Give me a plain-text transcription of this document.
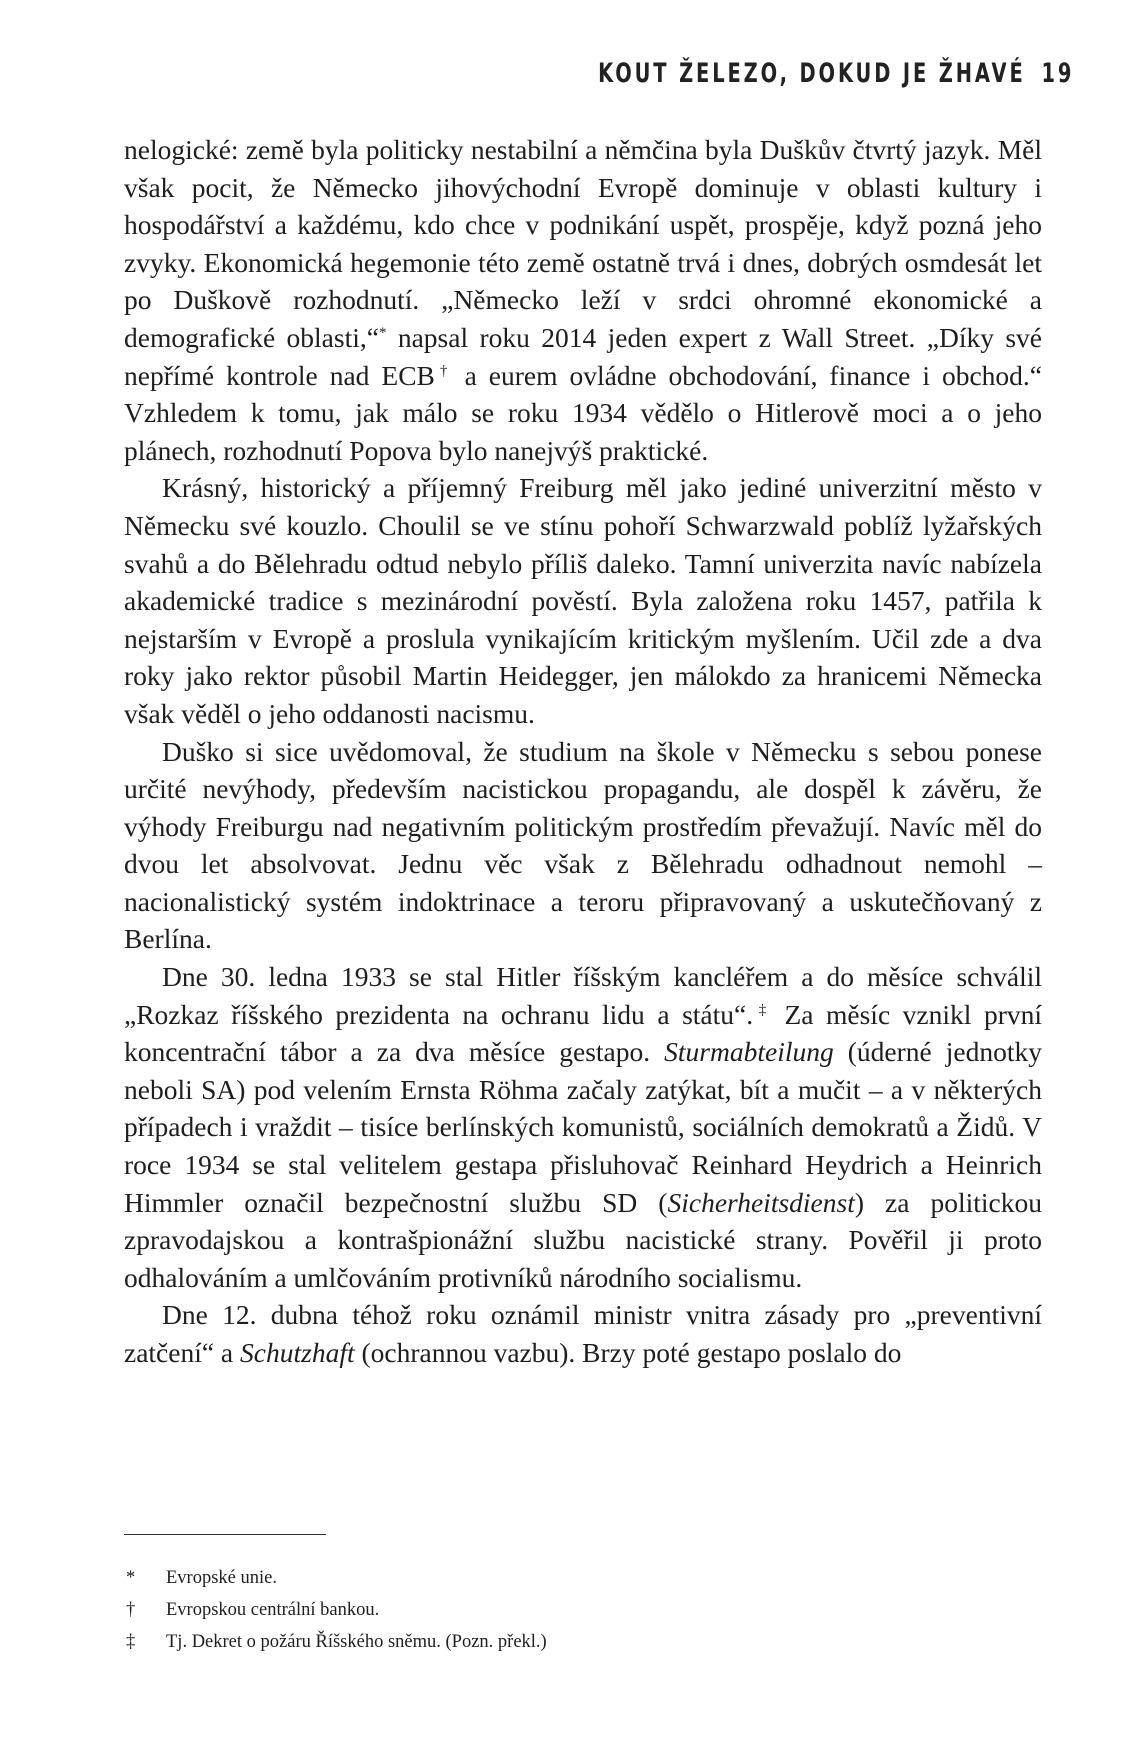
KOUT ŽELEZO, DOKUD JE ŽHAVÉ 19

nelogické: země byla politicky nestabilní a němčina byla Duškův čtvrtý jazyk. Měl však pocit, že Německo jihovýchodní Evropě dominuje v oblasti kultury i hospodářství a každému, kdo chce v podnikání uspět, prospěje, když pozná jeho zvyky. Ekonomická hegemonie této země ostatně trvá i dnes, dobrých osmdesát let po Duškově rozhodnutí. „Německo leží v srdci ohromné ekonomické a demografické oblasti,“* napsal roku 2014 jeden expert z Wall Street. „Díky své nepřímé kontrole nad ECB† a eurem ovládne obchodování, finance i obchod.“ Vzhledem k tomu, jak málo se roku 1934 vědělo o Hitlerově moci a o jeho plánech, rozhodnutí Popova bylo nanejvýš praktické.

Krásný, historický a příjemný Freiburg měl jako jediné univerzitní město v Německu své kouzlo. Choulil se ve stínu pohoří Schwarzwald poblíž lyžařských svahů a do Bělehradu odtud nebylo příliš daleko. Tamní univerzita navíc nabízela akademické tradice s mezinárodní pověstí. Byla založena roku 1457, patřila k nejstarším v Evropě a proslula vynikajícím kritickým myšlením. Učil zde a dva roky jako rektor působil Martin Heidegger, jen málokdo za hranicemi Německa však věděl o jeho oddanosti nacismu.

Duško si sice uvědomoval, že studium na škole v Německu s sebou ponese určité nevýhody, především nacistickou propagandu, ale dospěl k závěru, že výhody Freiburgu nad negativním politickým prostředím převažují. Navíc měl do dvou let absolvovat. Jednu věc však z Bělehradu odhadnout nemohl – nacionalistický systém indoktrinace a teroru připravovaný a uskutečňovaný z Berlína.

Dne 30. ledna 1933 se stal Hitler říšským kancléřem a do měsíce schválil „Rozkaz říšského prezidenta na ochranu lidu a státu“.‡ Za měsíc vznikl první koncentrační tábor a za dva měsíce gestapo. Sturmabteilung (úderné jednotky neboli SA) pod velením Ernsta Röhma začaly zatýkat, bít a mučit – a v některých případech i vraždit – tisíce berlínských komunistů, sociálních demokratů a Židů. V roce 1934 se stal velitelem gestapa přisluhovač Reinhard Heydrich a Heinrich Himmler označil bezpečnostní službu SD (Sicherheitsdienst) za politickou zpravodajskou a kontrašpionážní službu nacistické strany. Pověřil ji proto odhalováním a umlčováním protivníků národního socialismu.

Dne 12. dubna téhož roku oznámil ministr vnitra zásady pro „preventivní zatčení“ a Schutzhaft (ochrannou vazbu). Brzy poté gestapo poslalo do

*	Evropské unie.
†	Evropskou centrální bankou.
‡	Tj. Dekret o požáru Říšského sněmu. (Pozn. překl.)
